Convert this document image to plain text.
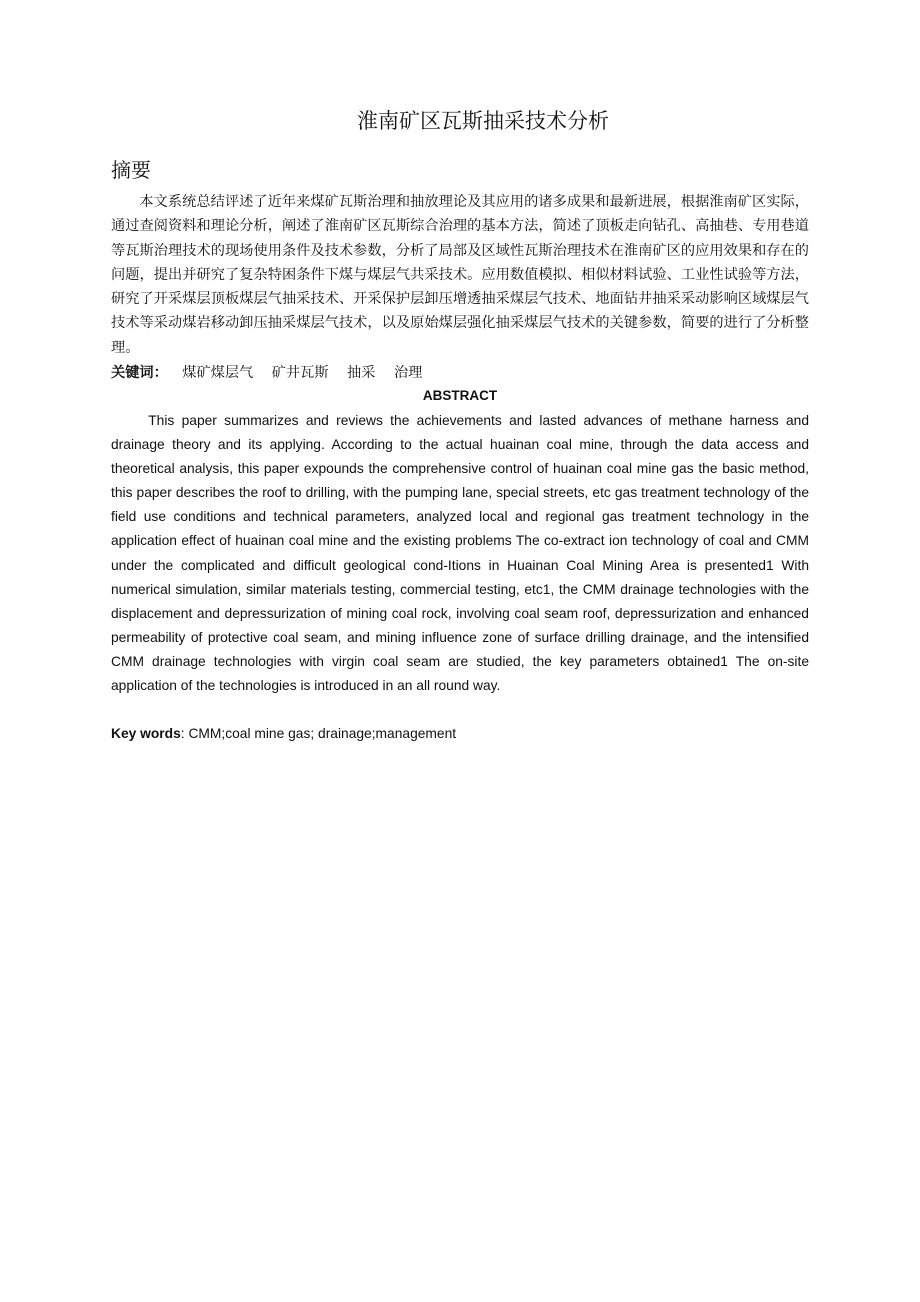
淮南矿区瓦斯抽采技术分析
摘要

本文系统总结评述了近年来煤矿瓦斯治理和抽放理论及其应用的诸多成果和最新进展，根据淮南矿区实际，通过查阅资料和理论分析，阐述了淮南矿区瓦斯综合治理的基本方法，简述了顶板走向钻孔、高抽巷、专用巷道等瓦斯治理技术的现场使用条件及技术参数，分析了局部及区域性瓦斯治理技术在淮南矿区的应用效果和存在的问题，提出并研究了复杂特困条件下煤与煤层气共采技术。应用数值模拟、相似材料试验、工业性试验等方法，研究了开采煤层顶板煤层气抽采技术、开采保护层卸压增透抽采煤层气技术、地面钻井抽采采动影响区域煤层气技术等采动煤岩移动卸压抽采煤层气技术，以及原始煤层强化抽采煤层气技术的关键参数，简要的进行了分析整理。

关键词： 煤矿煤层气 矿井瓦斯 抽采 治理
ABSTRACT

This paper summarizes and reviews the achievements and lasted advances of methane harness and drainage theory and its applying. According to the actual huainan coal mine, through the data access and theoretical analysis, this paper expounds the comprehensive control of huainan coal mine gas the basic method, this paper describes the roof to drilling, with the pumping lane, special streets, etc gas treatment technology of the field use conditions and technical parameters, analyzed local and regional gas treatment technology in the application effect of huainan coal mine and the existing problems The co-extract ion technology of coal and CMM under the complicated and difficult geological cond-Itions in Huainan Coal Mining Area is presented1 With numerical simulation, similar materials testing, commercial testing, etc1, the CMM drainage technologies with the displacement and depressurization of mining coal rock, involving coal seam roof, depressurization and enhanced permeability of protective coal seam, and mining influence zone of surface drilling drainage, and the intensified CMM drainage technologies with virgin coal seam are studied, the key parameters obtained1 The on-site application of the technologies is introduced in an all round way.

Key words: CMM;coal mine gas; drainage;management
